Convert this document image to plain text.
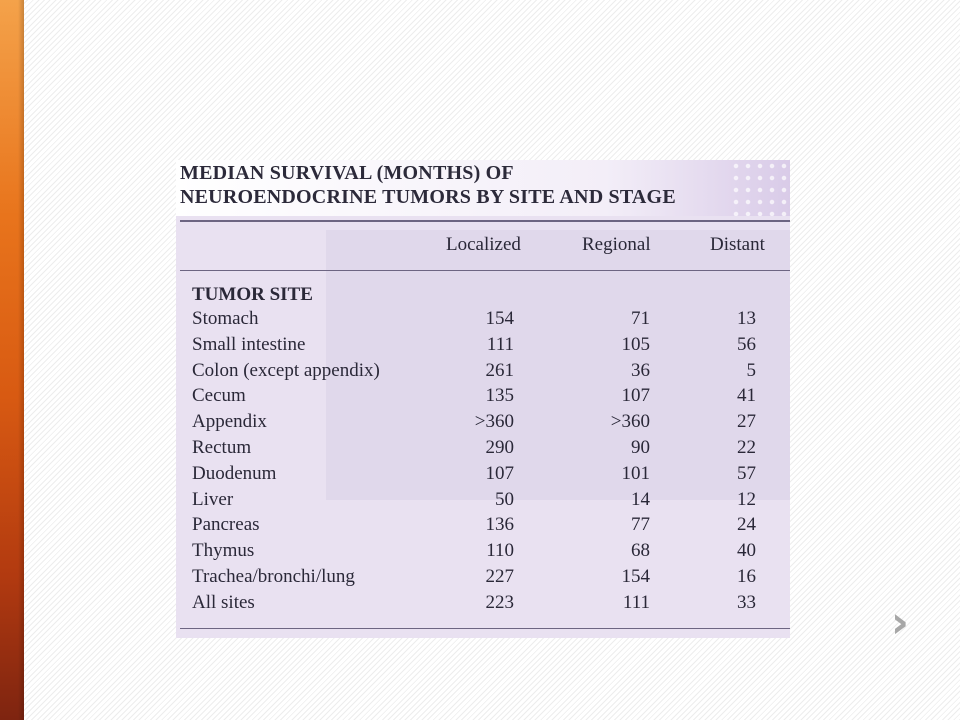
MEDIAN SURVIVAL (MONTHS) OF
NEUROENDOCRINE TUMORS BY SITE AND STAGE
Localized	Regional	Distant
TUMOR SITE
Stomach	154	71	13
Small intestine	111	105	56
Colon (except appendix)	261	36	5
Cecum	135	107	41
Appendix	>360	>360	27
Rectum	290	90	22
Duodenum	107	101	57
Liver	50	14	12
Pancreas	136	77	24
Thymus	110	68	40
Trachea/bronchi/lung	227	154	16
All sites	223	111	33	›
